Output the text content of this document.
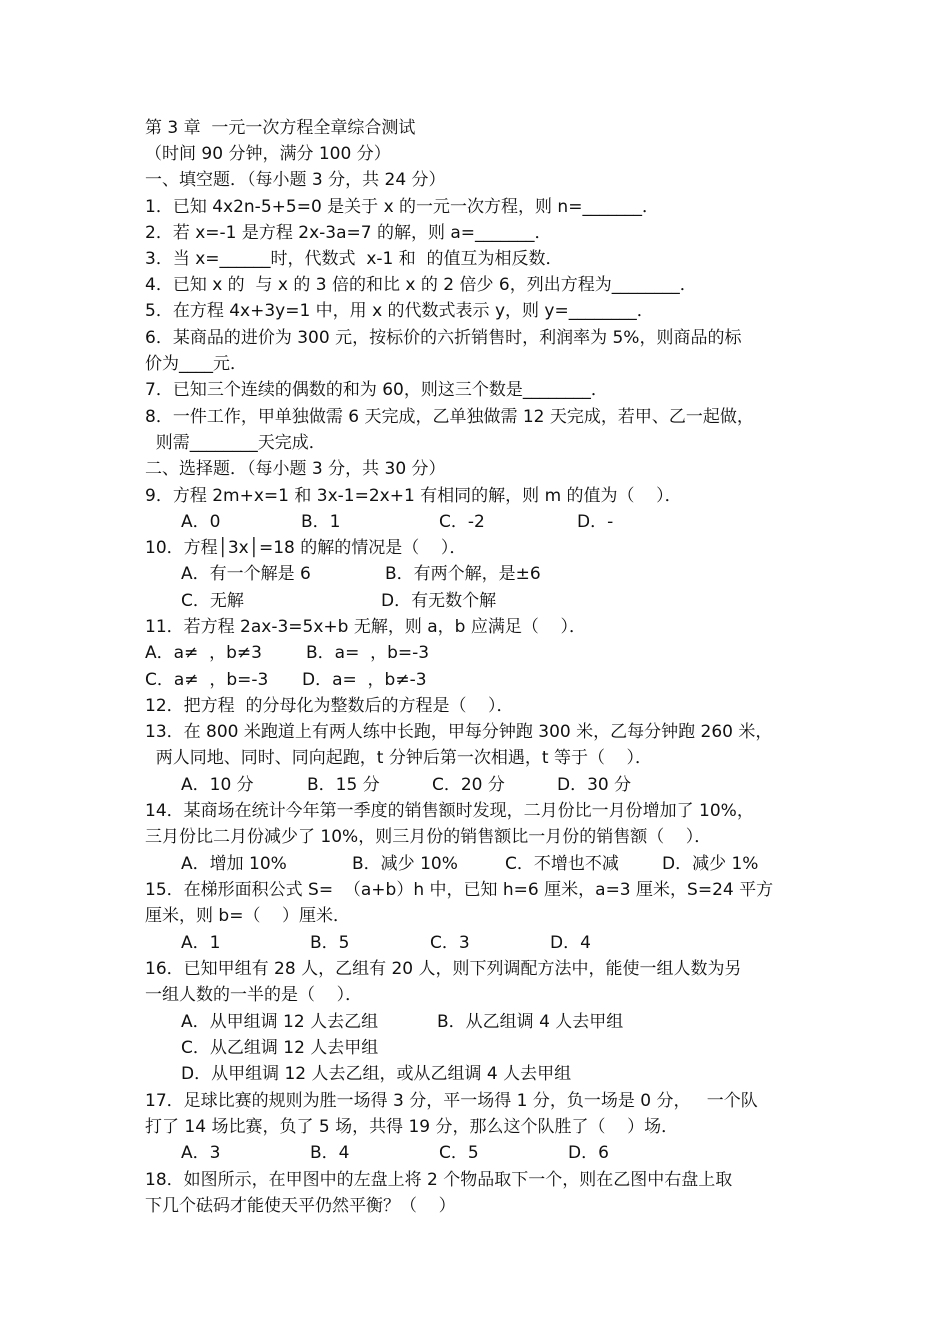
第 3 章  一元一次方程全章综合测试
（时间 90 分钟，满分 100 分）
一、填空题．（每小题 3 分，共 24 分）
1．已知 4x2n-5+5=0 是关于 x 的一元一次方程，则 n=_______．
2．若 x=-1 是方程 2x-3a=7 的解，则 a=_______．
3．当 x=______时，代数式  x-1 和  的值互为相反数．
4．已知 x 的  与 x 的 3 倍的和比 x 的 2 倍少 6，列出方程为________．
5．在方程 4x+3y=1 中，用 x 的代数式表示 y，则 y=________．
6．某商品的进价为 300 元，按标价的六折销售时，利润率为 5%，则商品的标
价为____元．
7．已知三个连续的偶数的和为 60，则这三个数是________．
8．一件工作，甲单独做需 6 天完成，乙单独做需 12 天完成，若甲、乙一起做，
则需________天完成．
二、选择题．（每小题 3 分，共 30 分）
9．方程 2m+x=1 和 3x-1=2x+1 有相同的解，则 m 的值为（    ）．
A．0	B．1	C．-2	D．-
10．方程│3x│=18 的解的情况是（    ）．
A．有一个解是 6	B．有两个解，是±6
C．无解	D．有无数个解
11．若方程 2ax-3=5x+b 无解，则 a，b 应满足（    ）．
A．a≠  ，b≠3	B．a=  ，b=-3
C．a≠  ，b=-3 D．a=  ，b≠-3
12．把方程  的分母化为整数后的方程是（    ）．
13．在 800 米跑道上有两人练中长跑，甲每分钟跑 300 米，乙每分钟跑 260 米，
两人同地、同时、同向起跑，t 分钟后第一次相遇，t 等于（    ）．
A．10 分	B．15 分	C．20 分	D．30 分
14．某商场在统计今年第一季度的销售额时发现，二月份比一月份增加了 10%，
三月份比二月份减少了 10%，则三月份的销售额比一月份的销售额（    ）．
A．增加 10%	B．减少 10%	C．不增也不减	D．减少 1%
15．在梯形面积公式 S=  （a+b）h 中，已知 h=6 厘米，a=3 厘米，S=24 平方
厘米，则 b=（    ）厘米．
A．1	B．5	C．3	D．4
16．已知甲组有 28 人，乙组有 20 人，则下列调配方法中，能使一组人数为另
一组人数的一半的是（    ）．
A．从甲组调 12 人去乙组	B．从乙组调 4 人去甲组
C．从乙组调 12 人去甲组
D．从甲组调 12 人去乙组，或从乙组调 4 人去甲组
17．足球比赛的规则为胜一场得 3 分，平一场得 1 分，负一场是 0 分，   一个队
打了 14 场比赛，负了 5 场，共得 19 分，那么这个队胜了（    ）场．
A．3	B．4	C．5	D．6
18．如图所示，在甲图中的左盘上将 2 个物品取下一个，则在乙图中右盘上取
下几个砝码才能使天平仍然平衡？（    ）
